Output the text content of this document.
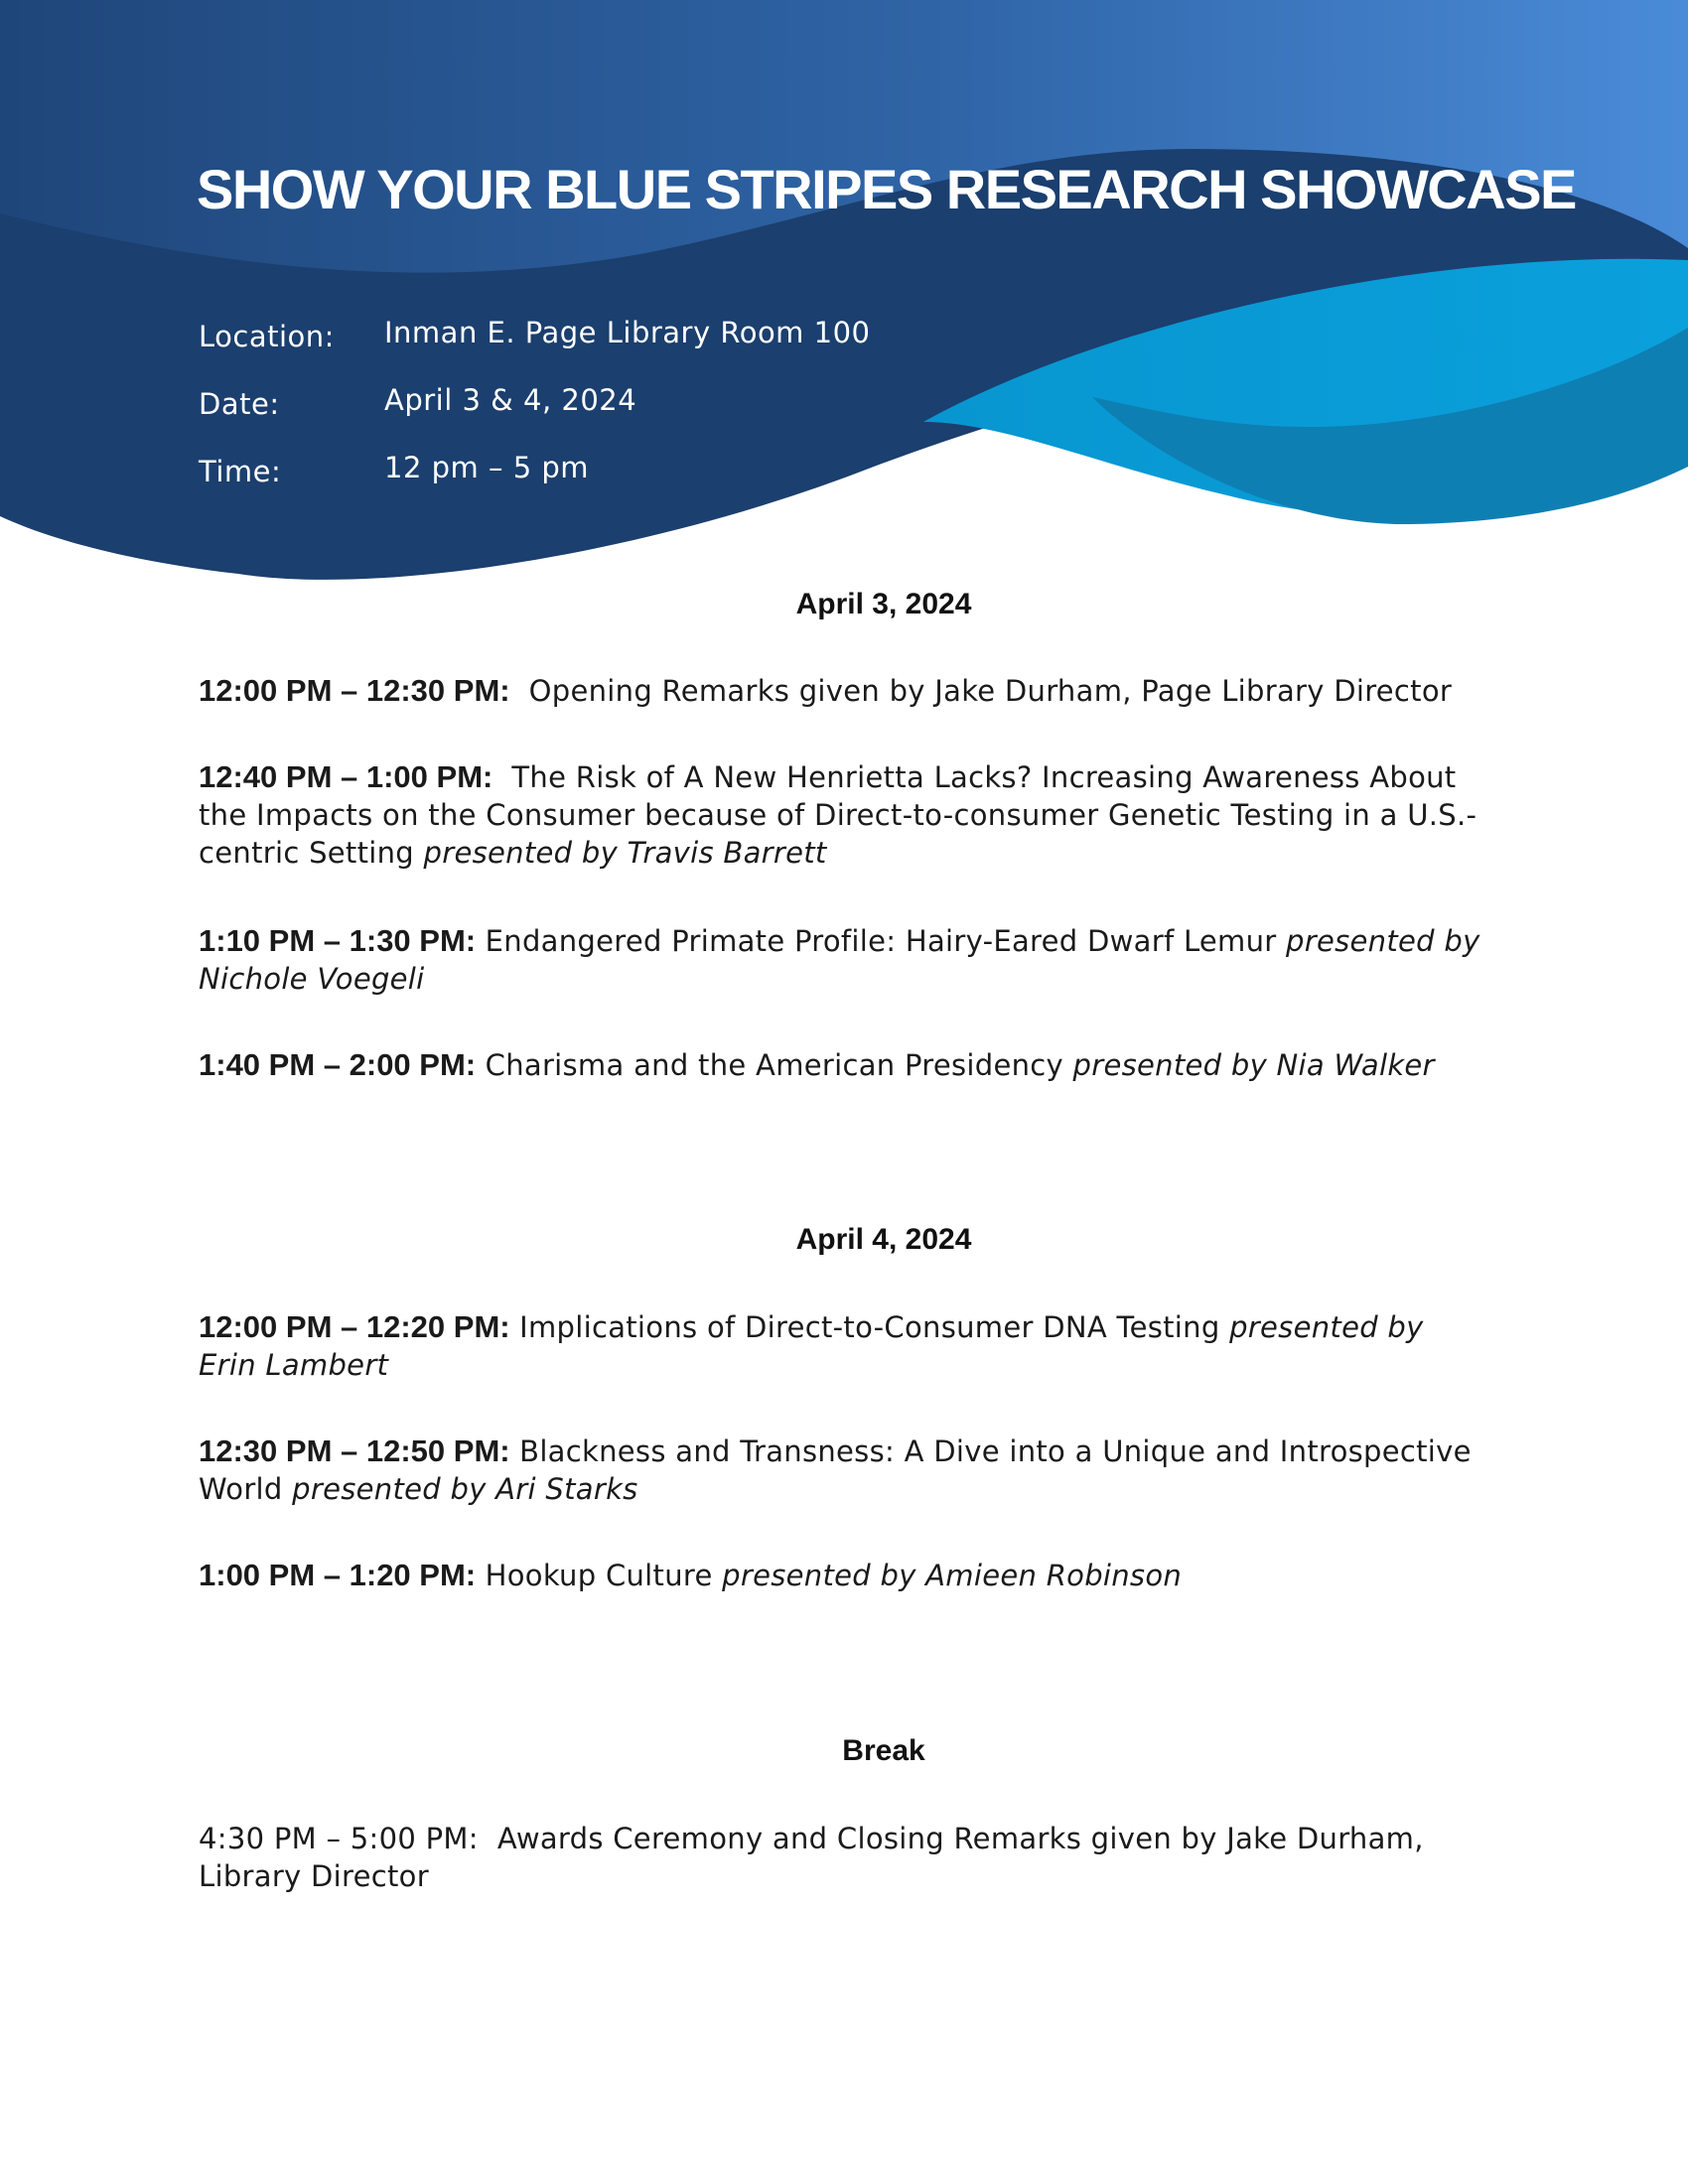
SHOW YOUR BLUE STRIPES RESEARCH SHOWCASE
Location: Inman E. Page Library Room 100
Date:	April 3 & 4, 2024
Time:	12 pm – 5 pm
April 3, 2024
12:00 PM – 12:30 PM: Opening Remarks given by Jake Durham, Page Library Director
12:40 PM – 1:00 PM: The Risk of A New Henrietta Lacks? Increasing Awareness About the Impacts on the Consumer because of Direct-to-consumer Genetic Testing in a U.S.-centric Setting presented by Travis Barrett
1:10 PM – 1:30 PM: Endangered Primate Profile: Hairy-Eared Dwarf Lemur presented by Nichole Voegeli
1:40 PM – 2:00 PM: Charisma and the American Presidency presented by Nia Walker
April 4, 2024
12:00 PM – 12:20 PM: Implications of Direct-to-Consumer DNA Testing presented by Erin Lambert
12:30 PM – 12:50 PM: Blackness and Transness: A Dive into a Unique and Introspective World presented by Ari Starks
1:00 PM – 1:20 PM: Hookup Culture presented by Amieen Robinson
Break
4:30 PM – 5:00 PM: Awards Ceremony and Closing Remarks given by Jake Durham, Library Director
